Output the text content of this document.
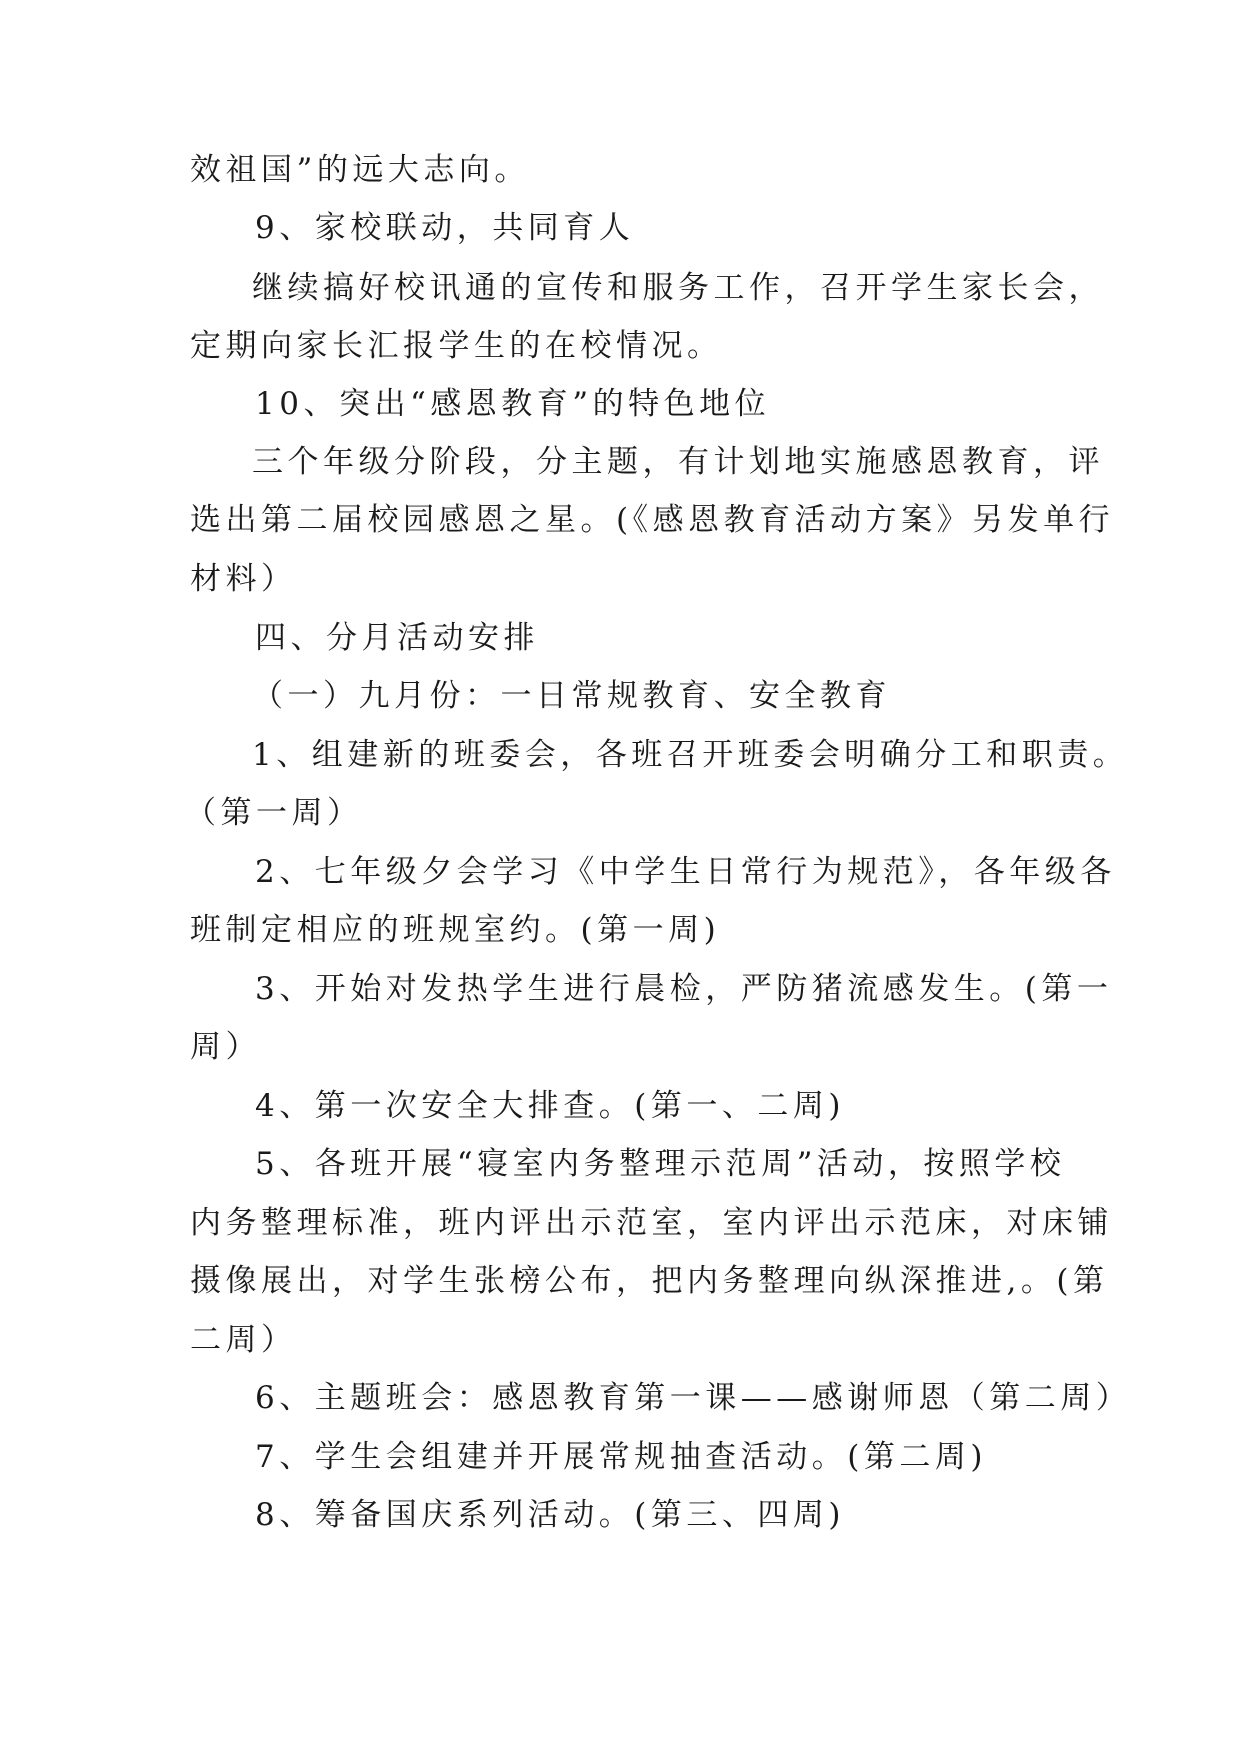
效祖国”的远大志向。
9、家校联动，共同育人
继续搞好校讯通的宣传和服务工作，召开学生家长会，
定期向家长汇报学生的在校情况。
10、突出“感恩教育”的特色地位
三个年级分阶段，分主题，有计划地实施感恩教育，评
选出第二届校园感恩之星。(《感恩教育活动方案》另发单行
材料）
四、分月活动安排
（一）九月份：一日常规教育、安全教育
1、组建新的班委会，各班召开班委会明确分工和职责。
（第一周）
2、七年级夕会学习《中学生日常行为规范》，各年级各
班制定相应的班规室约。(第一周)
3、开始对发热学生进行晨检，严防猪流感发生。(第一
周）
4、第一次安全大排查。(第一、二周)
5、各班开展“寝室内务整理示范周”活动，按照学校
内务整理标准，班内评出示范室，室内评出示范床，对床铺
摄像展出，对学生张榜公布，把内务整理向纵深推进,。(第
二周）
6、主题班会：感恩教育第一课——感谢师恩（第二周）
7、学生会组建并开展常规抽查活动。(第二周)
8、筹备国庆系列活动。(第三、四周)
